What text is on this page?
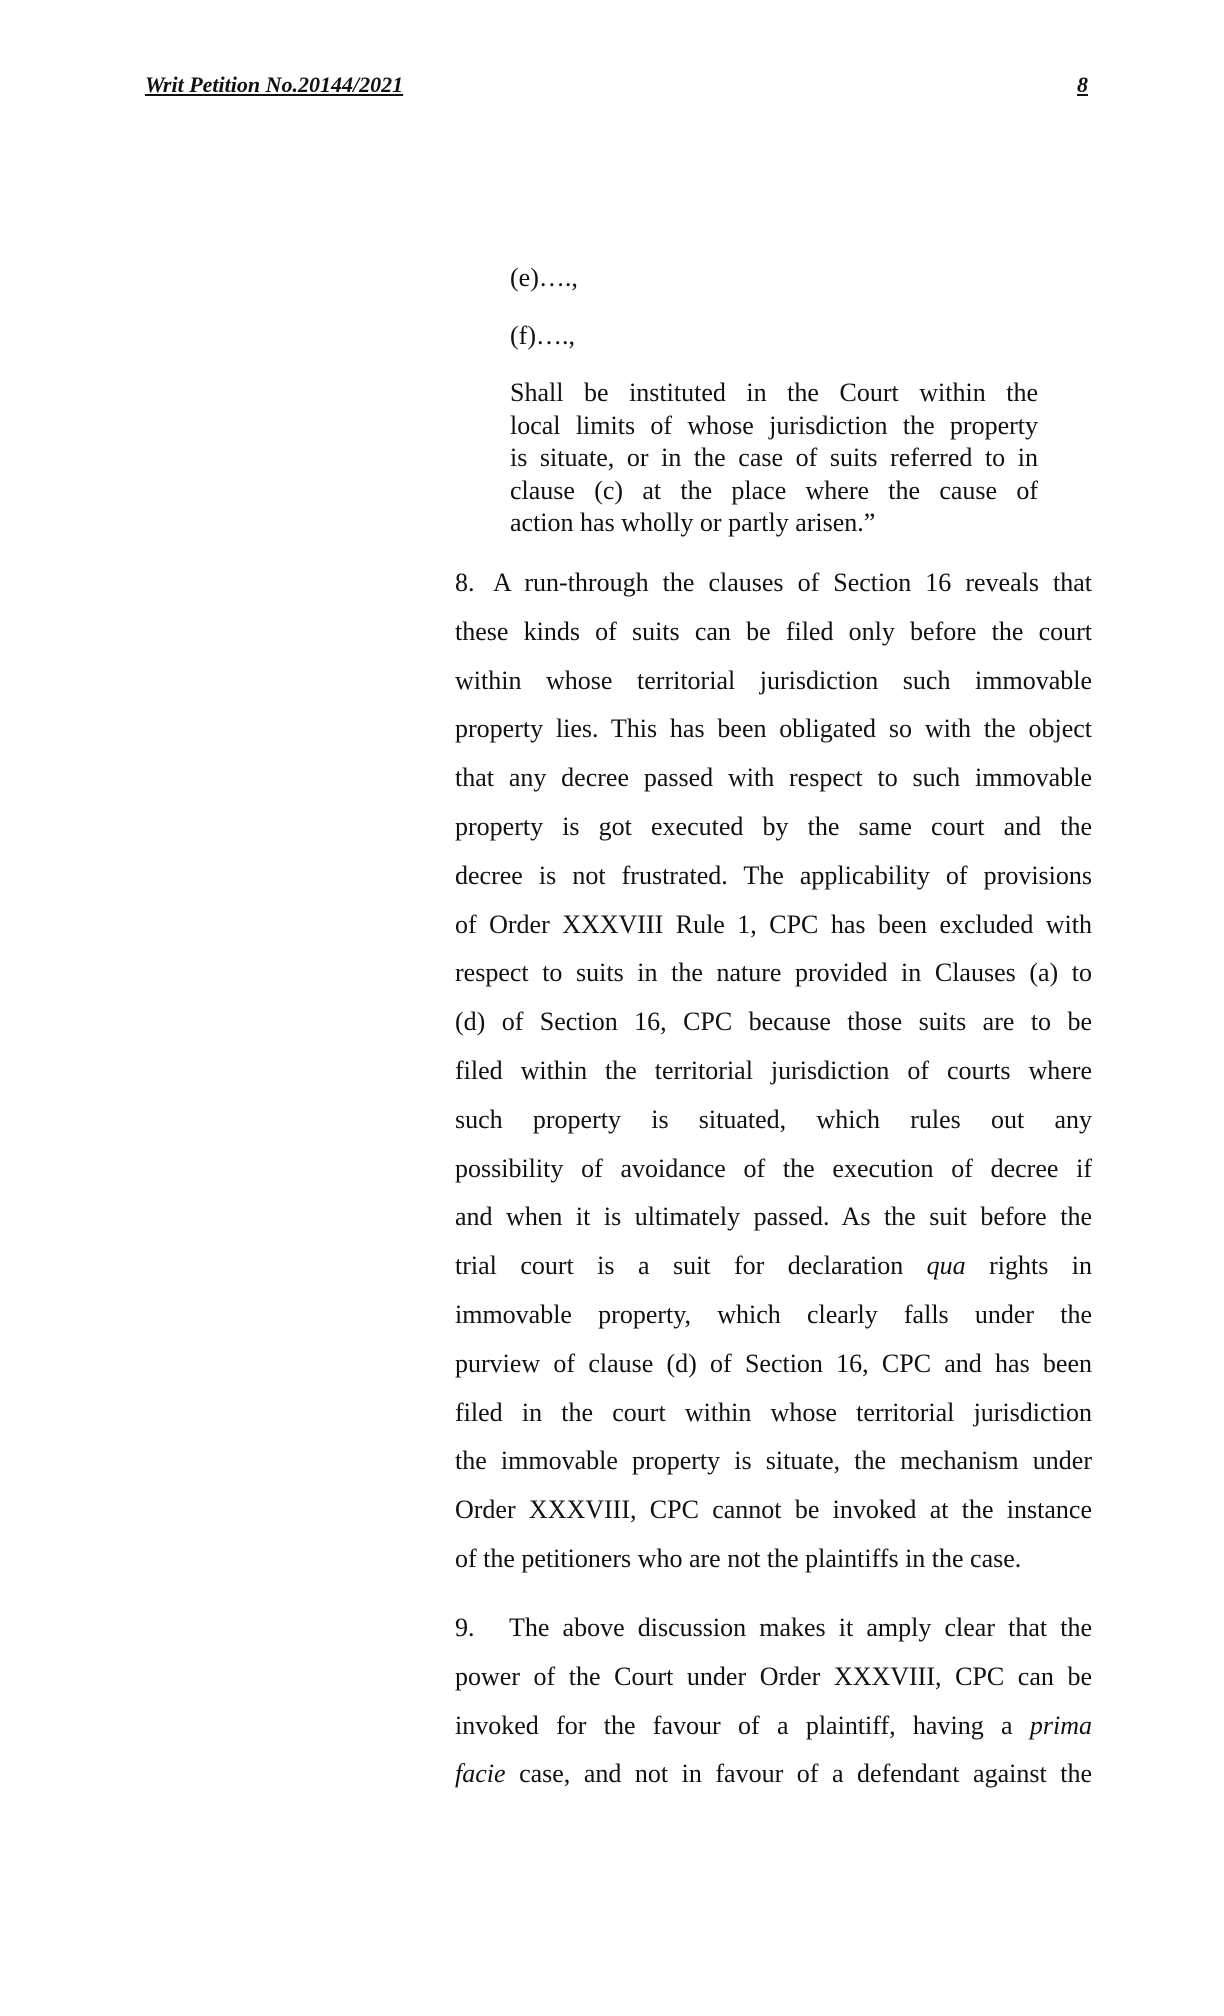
Writ Petition No.20144/2021	8
(e)….,
(f)….,
Shall be instituted in the Court within the
local limits of whose jurisdiction the property
is situate, or in the case of suits referred to in
clause (c) at the place where the cause of
action has wholly or partly arisen.”
8. A run-through the clauses of Section 16 reveals that
these kinds of suits can be filed only before the court
within whose territorial jurisdiction such immovable
property lies. This has been obligated so with the object
that any decree passed with respect to such immovable
property is got executed by the same court and the
decree is not frustrated. The applicability of provisions
of Order XXXVIII Rule 1, CPC has been excluded with
respect to suits in the nature provided in Clauses (a) to
(d) of Section 16, CPC because those suits are to be
filed within the territorial jurisdiction of courts where
such property is situated, which rules out any
possibility of avoidance of the execution of decree if
and when it is ultimately passed. As the suit before the
trial court is a suit for declaration qua rights in
immovable property, which clearly falls under the
purview of clause (d) of Section 16, CPC and has been
filed in the court within whose territorial jurisdiction
the immovable property is situate, the mechanism under
Order XXXVIII, CPC cannot be invoked at the instance
of the petitioners who are not the plaintiffs in the case.
9. The above discussion makes it amply clear that the
power of the Court under Order XXXVIII, CPC can be
invoked for the favour of a plaintiff, having a prima
facie case, and not in favour of a defendant against the
